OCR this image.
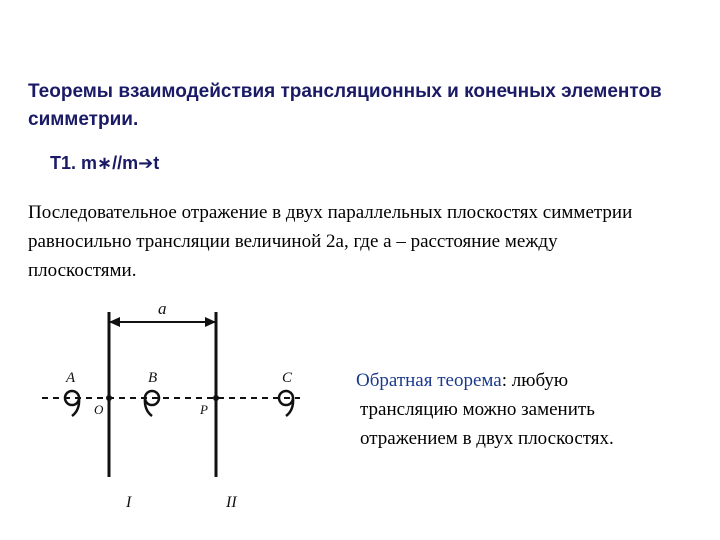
Теоремы взаимодействия трансляционных и конечных элементов симметрии.
T1. m∗//m➔t
Последовательное отражение в двух параллельных плоскостях симметрии равносильно трансляции величиной 2а, где а – расстояние между плоскостями.
a
A	B	C
O	P
I	II
Обратная теорема: любую
трансляцию можно заменить
отражением в двух плоскостях.
